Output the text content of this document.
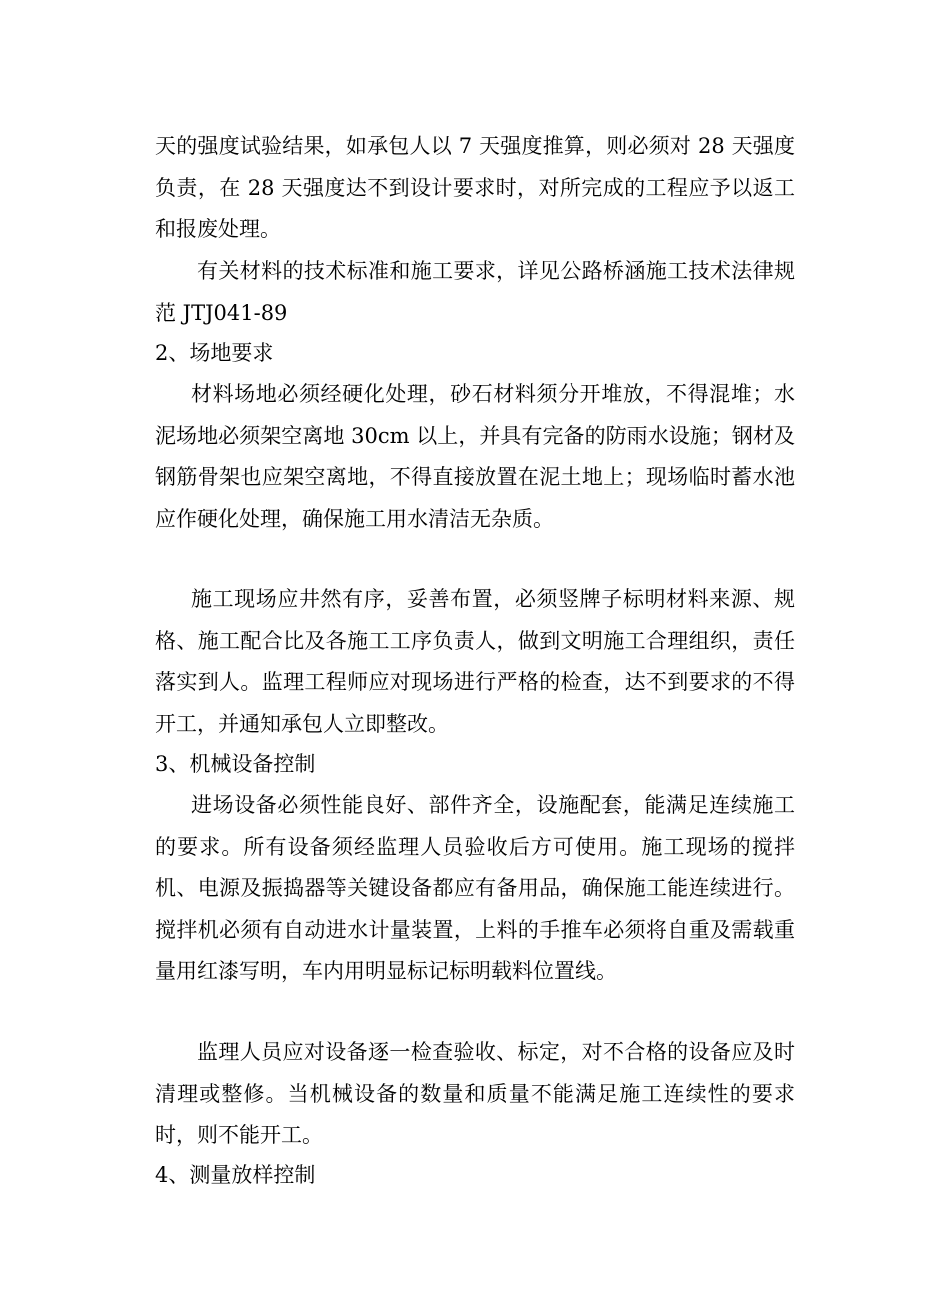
天的强度试验结果，如承包人以 7 天强度推算，则必须对 28 天强度负责，在 28 天强度达不到设计要求时，对所完成的工程应予以返工和报废处理。

有关材料的技术标准和施工要求，详见公路桥涵施工技术法律规范 JTJ041-89

2、场地要求

材料场地必须经硬化处理，砂石材料须分开堆放，不得混堆；水泥场地必须架空离地 30cm 以上，并具有完备的防雨水设施；钢材及钢筋骨架也应架空离地，不得直接放置在泥土地上；现场临时蓄水池应作硬化处理，确保施工用水清洁无杂质。

施工现场应井然有序，妥善布置，必须竖牌子标明材料来源、规格、施工配合比及各施工工序负责人，做到文明施工合理组织，责任落实到人。监理工程师应对现场进行严格的检查，达不到要求的不得开工，并通知承包人立即整改。

3、机械设备控制

进场设备必须性能良好、部件齐全，设施配套，能满足连续施工的要求。所有设备须经监理人员验收后方可使用。施工现场的搅拌机、电源及振捣器等关键设备都应有备用品，确保施工能连续进行。搅拌机必须有自动进水计量装置，上料的手推车必须将自重及需载重量用红漆写明，车内用明显标记标明载料位置线。

监理人员应对设备逐一检查验收、标定，对不合格的设备应及时清理或整修。当机械设备的数量和质量不能满足施工连续性的要求时，则不能开工。

4、测量放样控制
